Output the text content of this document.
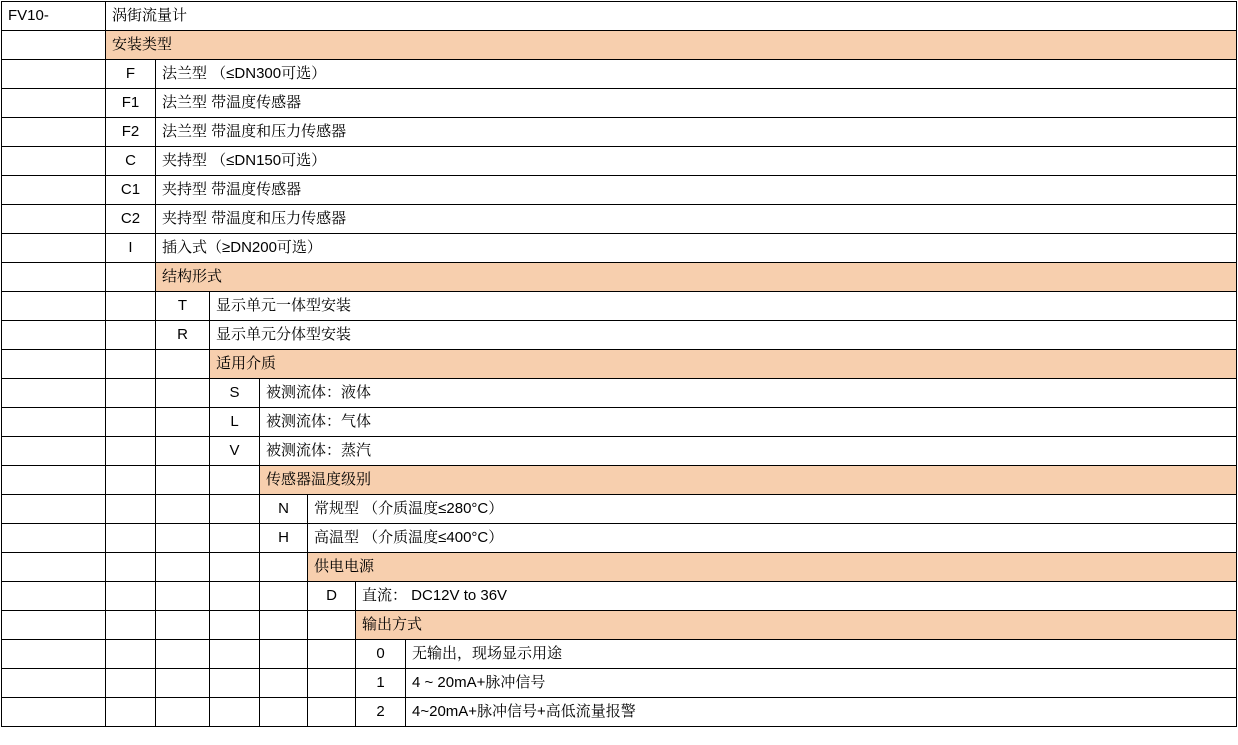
FV10-	涡街流量计						
	安装类型						
	F	法兰型 （≤DN300可选）					
	F1	法兰型 带温度传感器					
	F2	法兰型 带温度和压力传感器					
	C	夹持型 （≤DN150可选）					
	C1	夹持型 带温度传感器					
	C2	夹持型 带温度和压力传感器					
	I	插入式（≥DN200可选）					
		结构形式					
		T	显示单元一体型安装				
		R	显示单元分体型安装				
			适用介质				
			S	被测流体：液体			
			L	被测流体：气体			
			V	被测流体：蒸汽			
				传感器温度级别			
				N	常规型 （介质温度≤280°C）		
				H	高温型 （介质温度≤400°C）		
					供电电源		
					D	直流： DC12V to 36V	
						输出方式	
						0	无输出，现场显示用途
						1	4 ~ 20mA+脉冲信号
						2	4~20mA+脉冲信号+高低流量报警
